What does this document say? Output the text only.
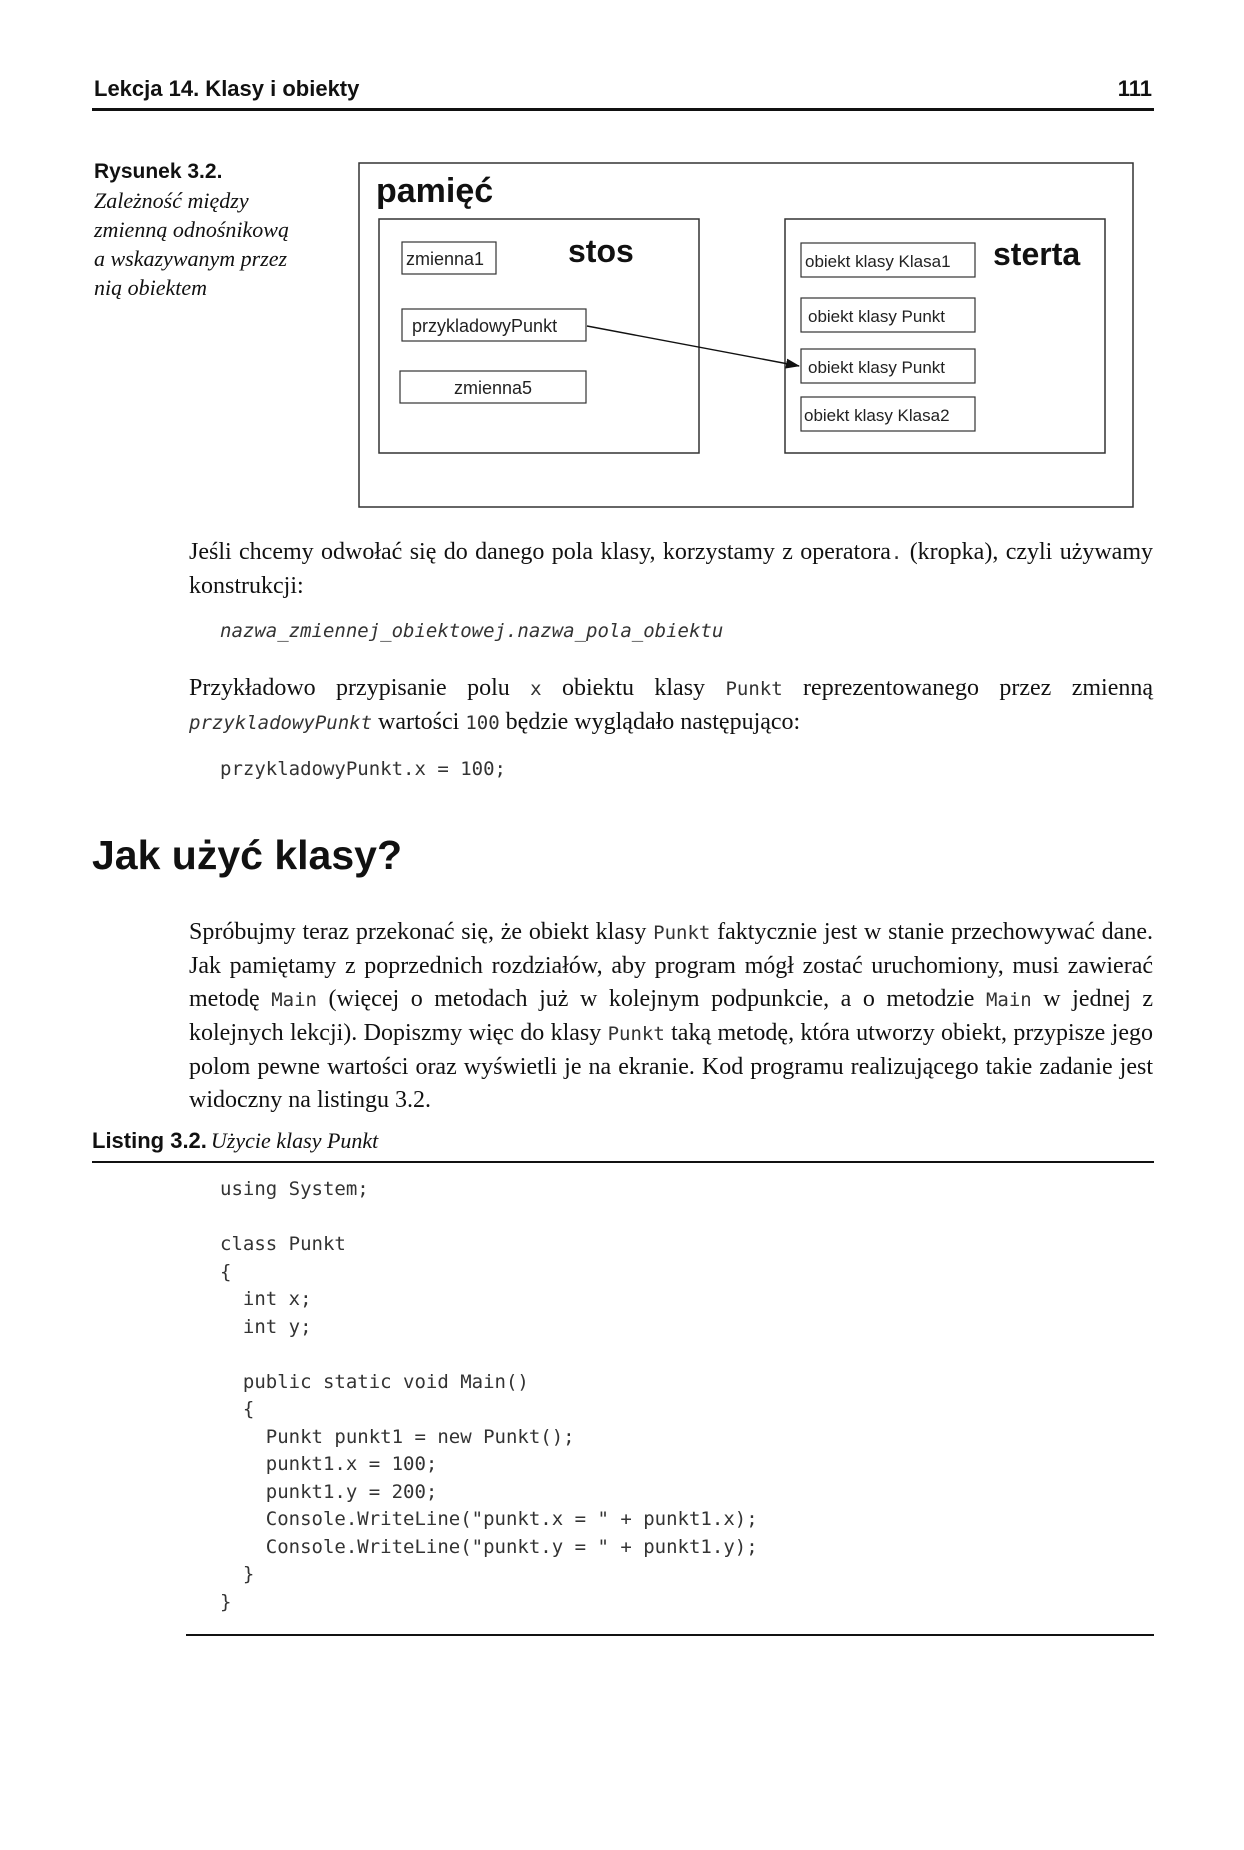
Lekcja 14. Klasy i obiekty	111
Rysunek 3.2.
Zależność między zmienną odnośnikową a wskazywanym przez nią obiektem
pamięć
stos
zmienna1
przykladowyPunkt
zmienna5
sterta
obiekt klasy Klasa1
obiekt klasy Punkt
obiekt klasy Punkt
obiekt klasy Klasa2

Jeśli chcemy odwołać się do danego pola klasy, korzystamy z operatora. (kropka), czyli używamy konstrukcji:

nazwa_zmiennej_obiektowej.nazwa_pola_obiektu

Przykładowo przypisanie polu x obiektu klasy Punkt reprezentowanego przez zmienną przykladowyPunkt wartości 100 będzie wyglądało następująco:

przykladowyPunkt.x = 100;
Jak użyć klasy?

Spróbujmy teraz przekonać się, że obiekt klasy Punkt faktycznie jest w stanie przechowywać dane. Jak pamiętamy z poprzednich rozdziałów, aby program mógł zostać uruchomiony, musi zawierać metodę Main (więcej o metodach już w kolejnym podpunkcie, a o metodzie Main w jednej z kolejnych lekcji). Dopiszmy więc do klasy Punkt taką metodę, która utworzy obiekt, przypisze jego polom pewne wartości oraz wyświetli je na ekranie. Kod programu realizującego takie zadanie jest widoczny na listingu 3.2.

Listing 3.2. Użycie klasy Punkt
using System;

class Punkt
{
int x;
int y;

public static void Main()
{
Punkt punkt1 = new Punkt();
punkt1.x = 100;
punkt1.y = 200;
Console.WriteLine("punkt.x = " + punkt1.x);
Console.WriteLine("punkt.y = " + punkt1.y);
}
}
